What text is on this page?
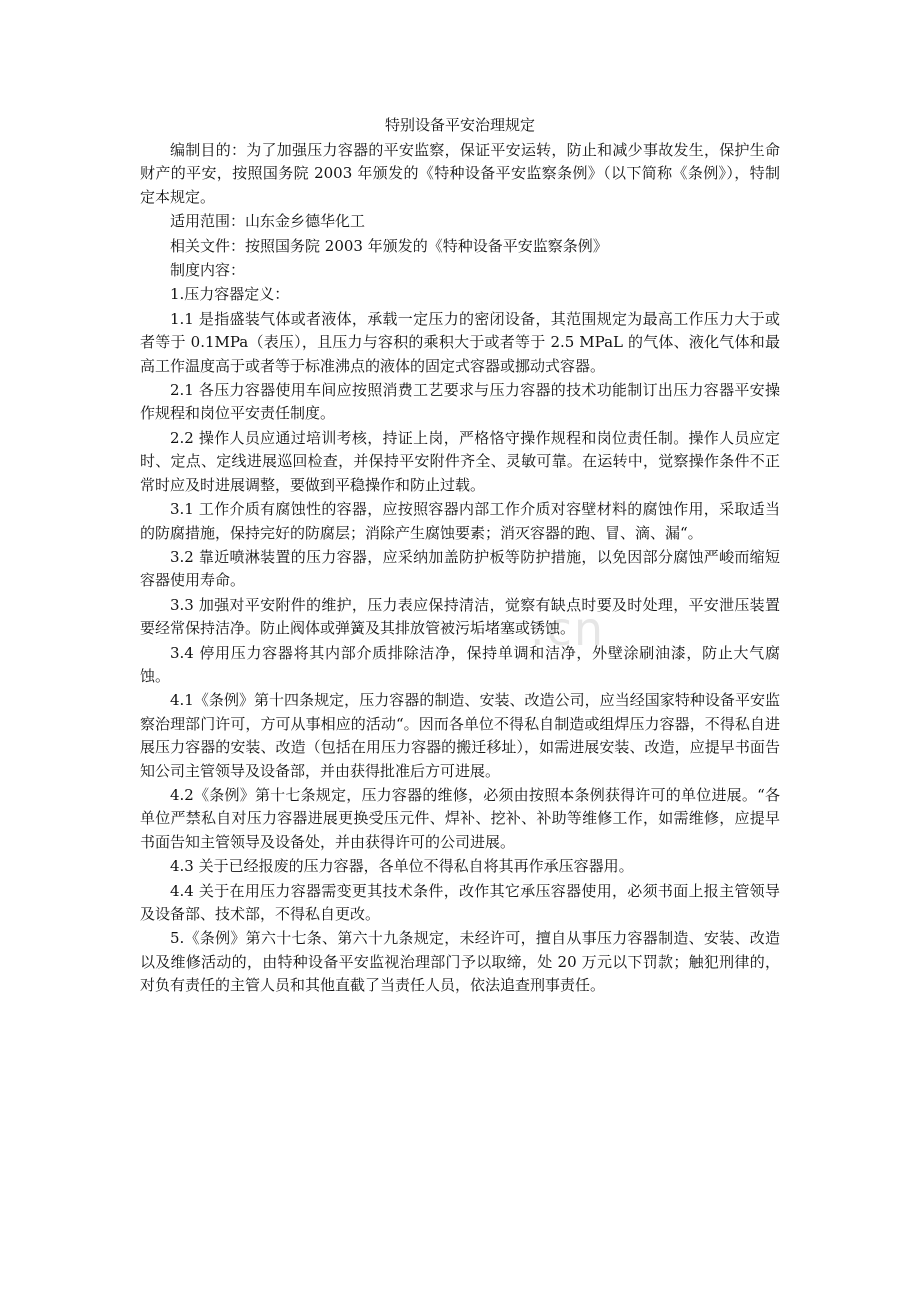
.cn
特别设备平安治理规定

编制目的：为了加强压力容器的平安监察，保证平安运转，防止和减少事故发生，保护生命财产的平安，按照国务院 2003 年颁发的《特种设备平安监察条例》（以下简称《条例》），特制定本规定。

适用范围：山东金乡德华化工

相关文件：按照国务院 2003 年颁发的《特种设备平安监察条例》

制度内容：

1.压力容器定义：

1.1 是指盛装气体或者液体，承载一定压力的密闭设备，其范围规定为最高工作压力大于或者等于 0.1MPa（表压），且压力与容积的乘积大于或者等于 2.5 MPaL 的气体、液化气体和最高工作温度高于或者等于标准沸点的液体的固定式容器或挪动式容器。

2.1 各压力容器使用车间应按照消费工艺要求与压力容器的技术功能制订出压力容器平安操作规程和岗位平安责任制度。

2.2 操作人员应通过培训考核，持证上岗，严格恪守操作规程和岗位责任制。操作人员应定时、定点、定线进展巡回检查，并保持平安附件齐全、灵敏可靠。在运转中，觉察操作条件不正常时应及时进展调整，要做到平稳操作和防止过载。

3.1 工作介质有腐蚀性的容器，应按照容器内部工作介质对容壁材料的腐蚀作用，采取适当的防腐措施，保持完好的防腐层；消除产生腐蚀要素；消灭容器的跑、冒、滴、漏“。

3.2 靠近喷淋装置的压力容器，应采纳加盖防护板等防护措施，以免因部分腐蚀严峻而缩短容器使用寿命。

3.3 加强对平安附件的维护，压力表应保持清洁，觉察有缺点时要及时处理，平安泄压装置要经常保持洁净。防止阀体或弹簧及其排放管被污垢堵塞或锈蚀。

3.4 停用压力容器将其内部介质排除洁净，保持单调和洁净，外壁涂刷油漆，防止大气腐蚀。

4.1《条例》第十四条规定，压力容器的制造、安装、改造公司，应当经国家特种设备平安监察治理部门许可，方可从事相应的活动“。因而各单位不得私自制造或组焊压力容器，不得私自进展压力容器的安装、改造（包括在用压力容器的搬迁移址），如需进展安装、改造，应提早书面告知公司主管领导及设备部，并由获得批准后方可进展。

4.2《条例》第十七条规定，压力容器的维修，必须由按照本条例获得许可的单位进展。“各单位严禁私自对压力容器进展更换受压元件、焊补、挖补、补助等维修工作，如需维修，应提早书面告知主管领导及设备处，并由获得许可的公司进展。

4.3 关于已经报废的压力容器，各单位不得私自将其再作承压容器用。

4.4 关于在用压力容器需变更其技术条件，改作其它承压容器使用，必须书面上报主管领导及设备部、技术部，不得私自更改。

5.《条例》第六十七条、第六十九条规定，未经许可，擅自从事压力容器制造、安装、改造以及维修活动的，由特种设备平安监视治理部门予以取缔，处 20 万元以下罚款；触犯刑律的，对负有责任的主管人员和其他直截了当责任人员，依法追查刑事责任。
